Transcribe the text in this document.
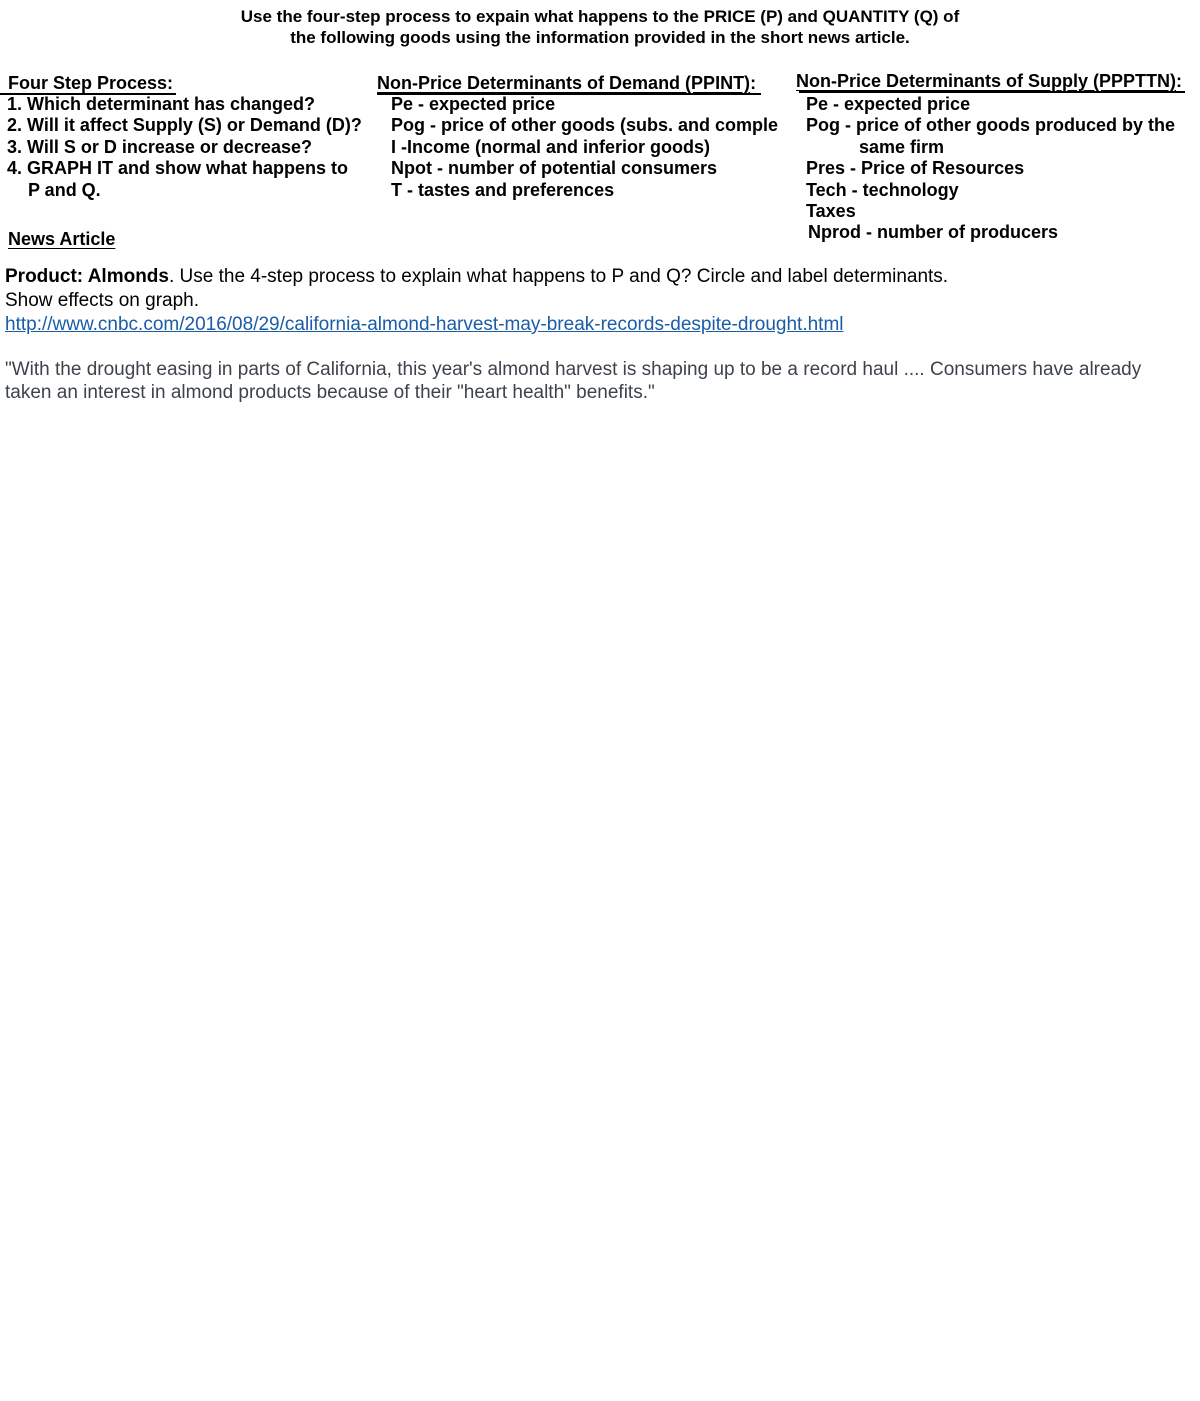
Use the four-step process to expain what happens to the PRICE (P) and QUANTITY (Q) of
the following goods using the information provided in the short news article.
Four Step Process:
1. Which determinant has changed?
2. Will it affect Supply (S) or Demand (D)?
3. Will S or D increase or decrease?
4. GRAPH IT and show what happens to
P and Q.
Non-Price Determinants of Demand (PPINT):
Pe - expected price
Pog - price of other goods (subs. and comple
I -Income (normal and inferior goods)
Npot - number of potential consumers
T - tastes and preferences
Non-Price Determinants of Supply (PPPTTN):
Pe - expected price
Pog - price of other goods produced by the
same firm
Pres - Price of Resources
Tech - technology
Taxes
Nprod - number of producers
News Article
Product: Almonds. Use the 4-step process to explain what happens to P and Q? Circle and label determinants.
Show effects on graph.
http://www.cnbc.com/2016/08/29/california-almond-harvest-may-break-records-despite-drought.html
"With the drought easing in parts of California, this year's almond harvest is shaping up to be a record haul .... Consumers have already
taken an interest in almond products because of their "heart health" benefits."
